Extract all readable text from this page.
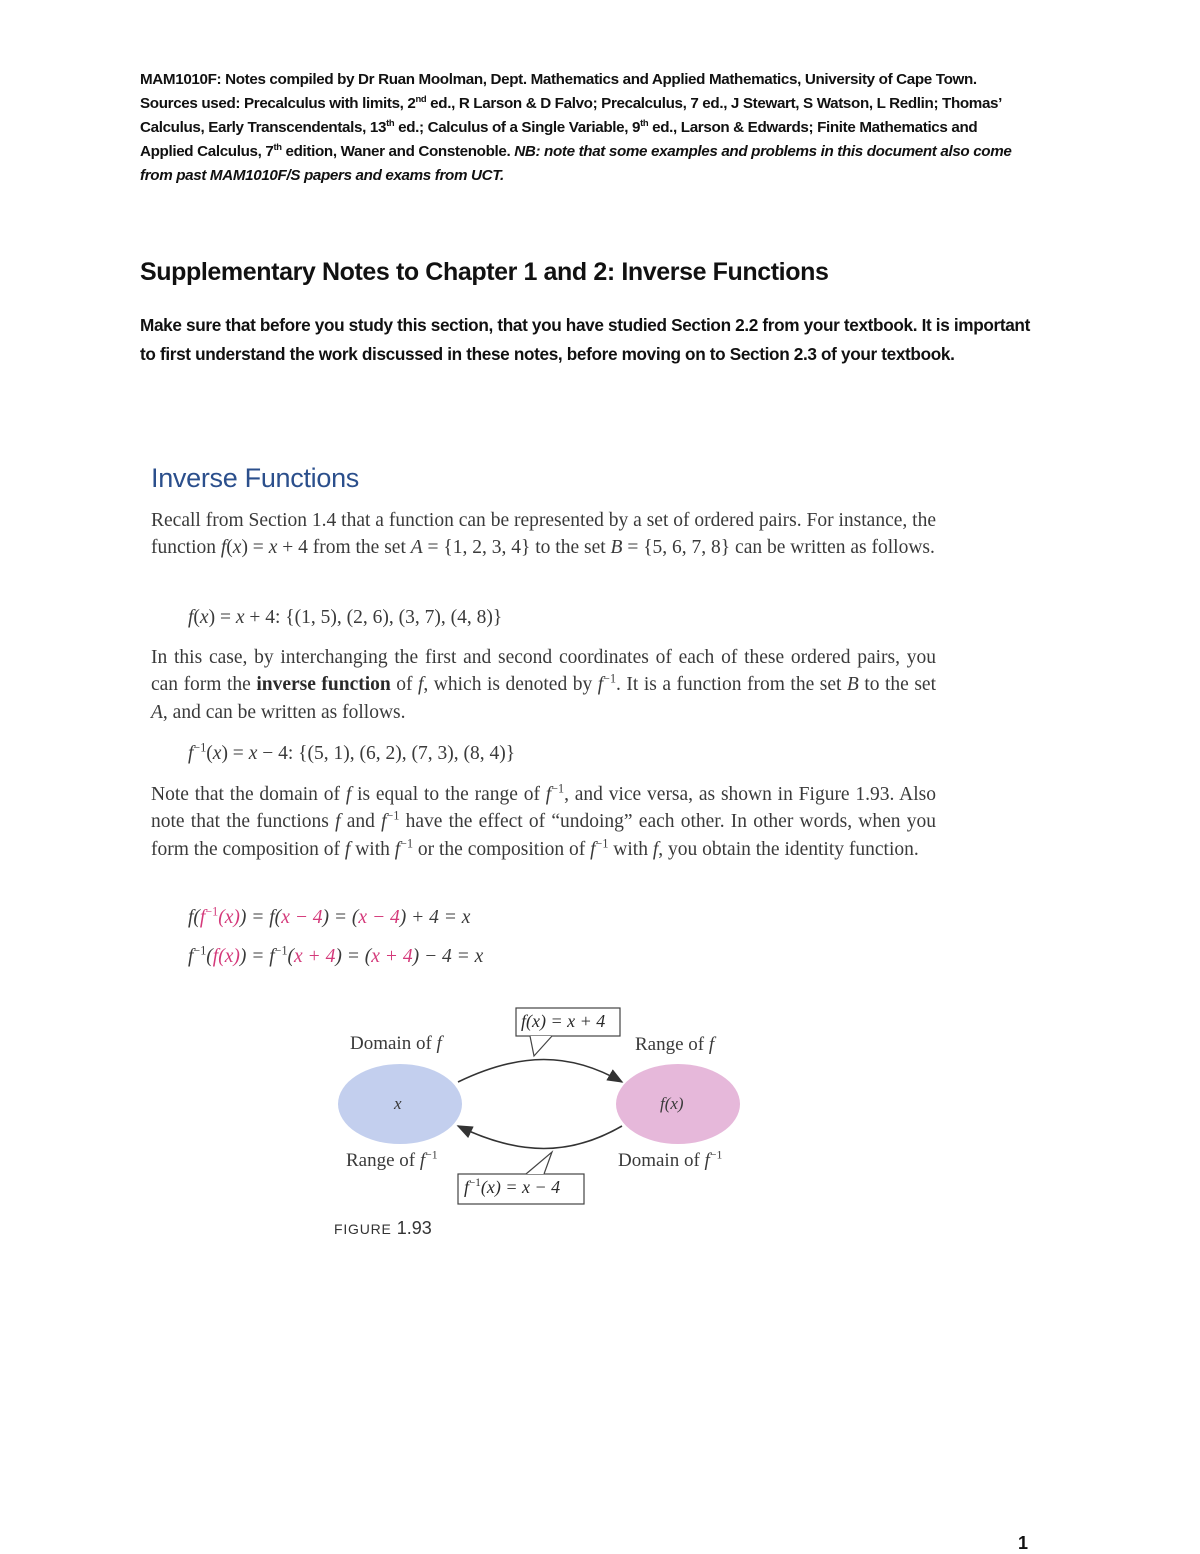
MAM1010F: Notes compiled by Dr Ruan Moolman, Dept. Mathematics and Applied Mathematics, University of Cape Town.
Sources used: Precalculus with limits, 2nd ed., R Larson & D Falvo; Precalculus, 7 ed., J Stewart, S Watson, L Redlin; Thomas’
Calculus, Early Transcendentals, 13th ed.; Calculus of a Single Variable, 9th ed., Larson & Edwards; Finite Mathematics and
Applied Calculus, 7th edition, Waner and Constenoble. NB: note that some examples and problems in this document also come from past MAM1010F/S papers and exams from UCT.
Supplementary Notes to Chapter 1 and 2: Inverse Functions
Make sure that before you study this section, that you have studied Section 2.2 from your textbook. It is important to first understand the work discussed in these notes, before moving on to Section 2.3 of your textbook.
Inverse Functions
Recall from Section 1.4 that a function can be represented by a set of ordered pairs. For instance, the function f(x) = x + 4 from the set A = {1, 2, 3, 4} to the set B = {5, 6, 7, 8} can be written as follows.
f(x) = x + 4: {(1, 5), (2, 6), (3, 7), (4, 8)}
In this case, by interchanging the first and second coordinates of each of these ordered pairs, you can form the inverse function of f, which is denoted by $f^{-1}$. It is a function from the set B to the set A, and can be written as follows.
$f^{-1}(x) = x - 4$: {(5, 1), (6, 2), (7, 3), (8, 4)}
Note that the domain of f is equal to the range of $f^{-1}$, and vice versa, as shown in Figure 1.93. Also note that the functions f and $f^{-1}$ have the effect of “undoing” each other. In other words, when you form the composition of f with $f^{-1}$ or the composition of $f^{-1}$ with f, you obtain the identity function.
$f(f^{-1}(x)) = f(x - 4) = (x - 4) + 4 = x$
$f^{-1}(f(x)) = f^{-1}(x + 4) = (x + 4) - 4 = x$
f(x) = x + 4
$f^{-1}(x) = x - 4$
Domain of f	Range of f
Range of $f^{-1}$	Domain of $f^{-1}$
x	f(x)
FIGURE 1.93
1
